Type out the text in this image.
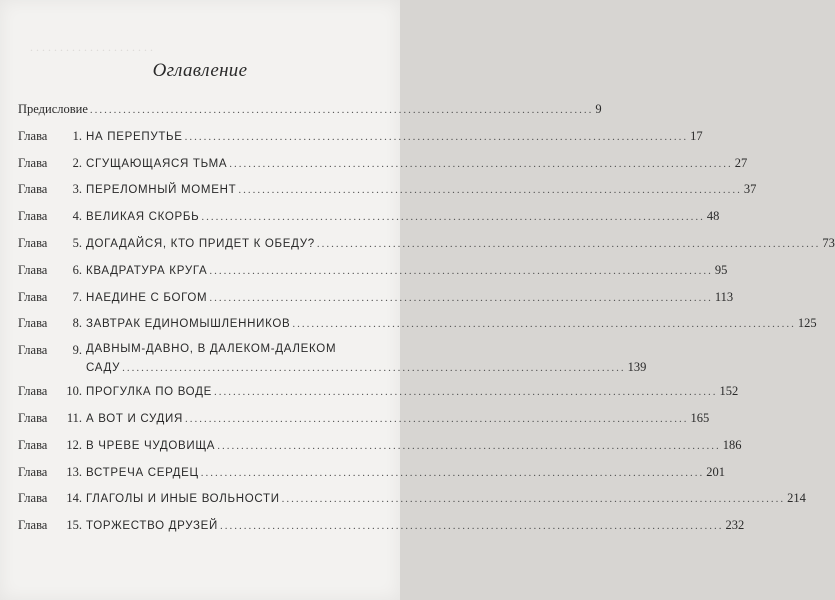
. . . . . . . . . . . . . . . . . . . . .
Оглавление
Предисловие .......................................................................................................... 9
Глава	1. НА ПЕРЕПУТЬЕ .......................................................................................................... 17
Глава	2. СГУЩАЮЩАЯСЯ ТЬМА .......................................................................................................... 27
Глава	3. ПЕРЕЛОМНЫЙ МОМЕНТ .......................................................................................................... 37
Глава	4. ВЕЛИКАЯ СКОРБЬ .......................................................................................................... 48
Глава	5. ДОГАДАЙСЯ, КТО ПРИДЕТ К ОБЕДУ? .......................................................................................................... 73
Глава	6. КВАДРАТУРА КРУГА .......................................................................................................... 95
Глава	7. НАЕДИНЕ С БОГОМ .......................................................................................................... 113
Глава	8. ЗАВТРАК ЕДИНОМЫШЛЕННИКОВ .......................................................................................................... 125
Глава	9. ДАВНЫМ-ДАВНО, В ДАЛЕКОМ-ДАЛЕКОМ
САДУ .......................................................................................................... 139
Глава	10. ПРОГУЛКА ПО ВОДЕ .......................................................................................................... 152
Глава	11. А ВОТ И СУДИЯ .......................................................................................................... 165
Глава	12. В ЧРЕВЕ ЧУДОВИЩА .......................................................................................................... 186
Глава	13. ВСТРЕЧА СЕРДЕЦ .......................................................................................................... 201
Глава	14. ГЛАГОЛЫ И ИНЫЕ ВОЛЬНОСТИ .......................................................................................................... 214
Глава	15. ТОРЖЕСТВО ДРУЗЕЙ .......................................................................................................... 232
